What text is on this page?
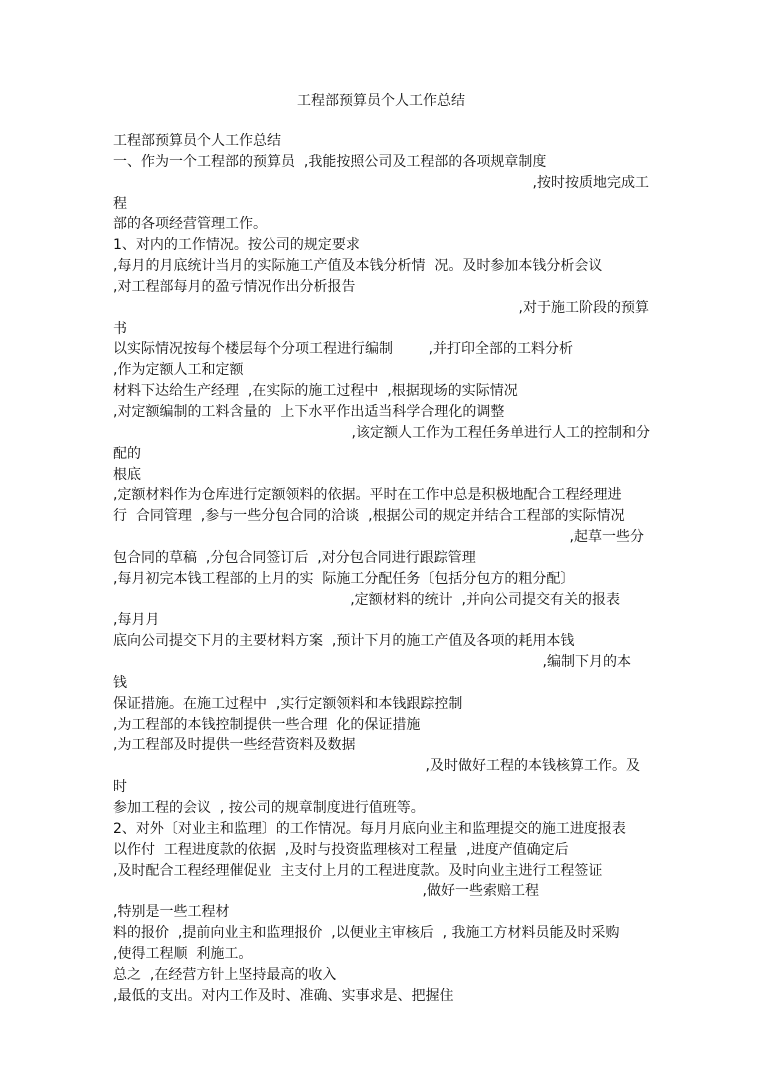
工程部预算员个人工作总结
工程部预算员个人工作总结
一、作为一个工程部的预算员  ,我能按照公司及工程部的各项规章制度
,按时按质地完成工
程
部的各项经营管理工作。
1、对内的工作情况。按公司的规定要求
,每月的月底统计当月的实际施工产值及本钱分析情  况。及时参加本钱分析会议
,对工程部每月的盈亏情况作出分析报告
,对于施工阶段的预算
书
以实际情况按每个楼层每个分项工程进行编制        ,并打印全部的工料分析
,作为定额人工和定额
材料下达给生产经理  ,在实际的施工过程中  ,根据现场的实际情况
,对定额编制的工料含量的  上下水平作出适当科学合理化的调整
,该定额人工作为工程任务单进行人工的控制和分
配的
根底
,定额材料作为仓库进行定额领料的依据。平时在工作中总是积极地配合工程经理进
行  合同管理  ,参与一些分包合同的洽谈  ,根据公司的规定并结合工程部的实际情况
,起草一些分
包合同的草稿  ,分包合同签订后  ,对分包合同进行跟踪管理
,每月初完本钱工程部的上月的实  际施工分配任务〔包括分包方的粗分配〕
,定额材料的统计  ,并向公司提交有关的报表
,每月月
底向公司提交下月的主要材料方案  ,预计下月的施工产值及各项的耗用本钱
,编制下月的本
钱
保证措施。在施工过程中  ,实行定额领料和本钱跟踪控制
,为工程部的本钱控制提供一些合理  化的保证措施
,为工程部及时提供一些经营资料及数据
,及时做好工程的本钱核算工作。及
时
参加工程的会议  , 按公司的规章制度进行值班等。
2、对外〔对业主和监理〕的工作情况。每月月底向业主和监理提交的施工进度报表
以作付  工程进度款的依据  ,及时与投资监理核对工程量  ,进度产值确定后
,及时配合工程经理催促业  主支付上月的工程进度款。及时向业主进行工程签证
,做好一些索赔工程
,特别是一些工程材
料的报价  ,提前向业主和监理报价  ,以便业主审核后  , 我施工方材料员能及时采购
,使得工程顺  利施工。
总之  ,在经营方针上坚持最高的收入
,最低的支出。对内工作及时、准确、实事求是、把握住
